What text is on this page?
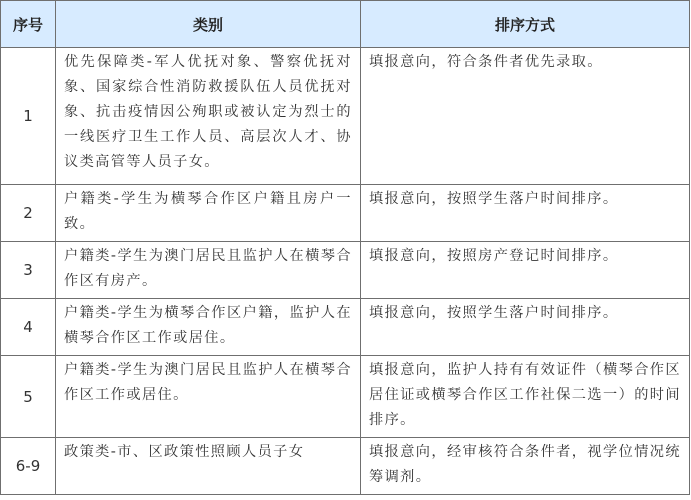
序号	类别	排序方式
1	优先保障类-军人优抚对象、警察优抚对象、国家综合性消防救援队伍人员优抚对象、抗击疫情因公殉职或被认定为烈士的一线医疗卫生工作人员、高层次人才、协议类高管等人员子女。	填报意向，符合条件者优先录取。
2	户籍类-学生为横琴合作区户籍且房户一致。	填报意向，按照学生落户时间排序。
3	户籍类-学生为澳门居民且监护人在横琴合作区有房产。	填报意向，按照房产登记时间排序。
4	户籍类-学生为横琴合作区户籍，监护人在横琴合作区工作或居住。	填报意向，按照学生落户时间排序。
5	户籍类-学生为澳门居民且监护人在横琴合作区工作或居住。	填报意向，监护人持有有效证件（横琴合作区居住证或横琴合作区工作社保二选一）的时间排序。
6-9	政策类-市、区政策性照顾人员子女	填报意向，经审核符合条件者，视学位情况统筹调剂。
